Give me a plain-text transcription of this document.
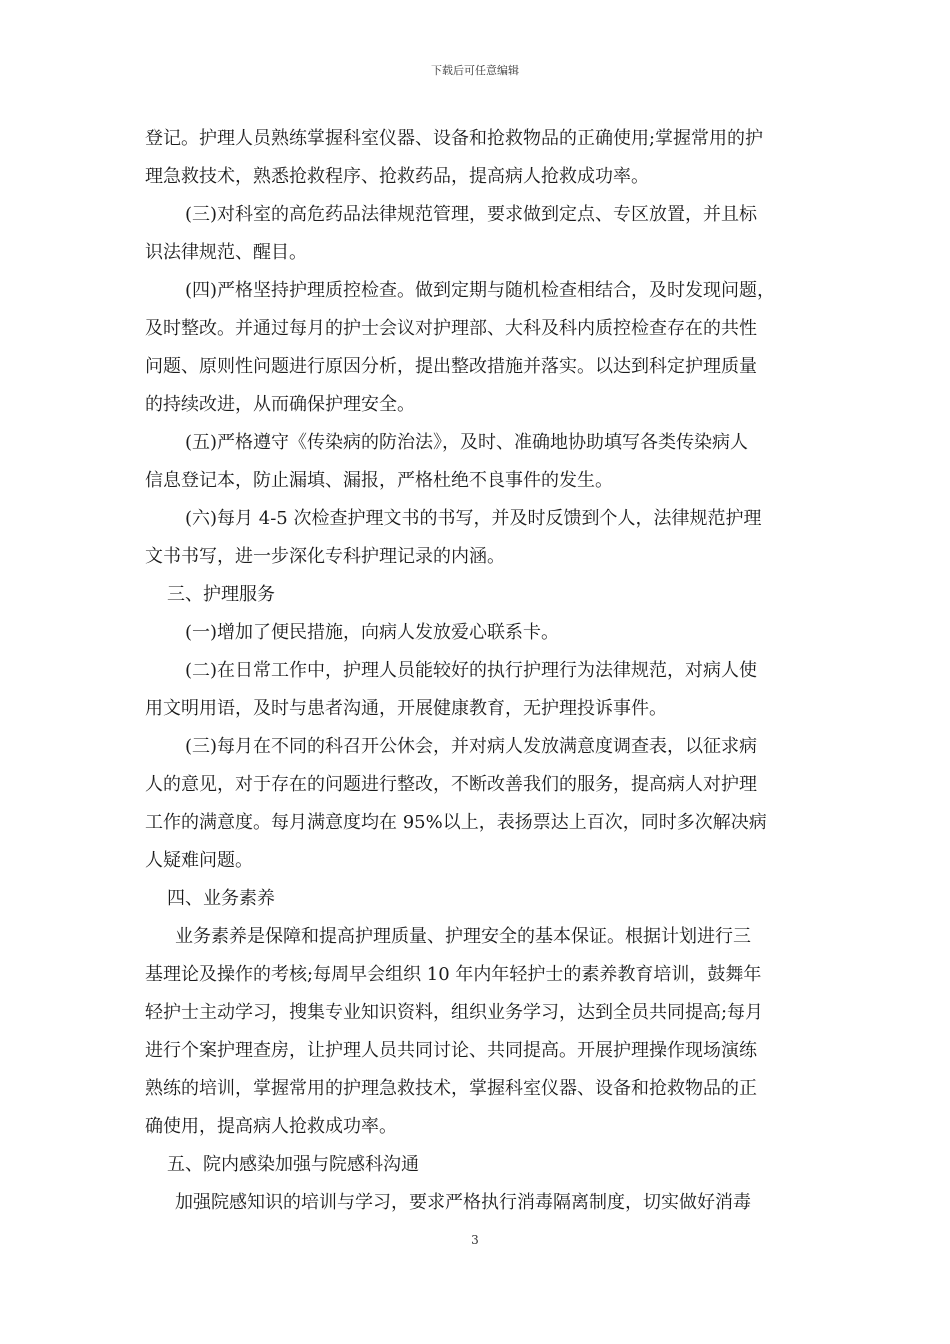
下载后可任意编辑
登记。护理人员熟练掌握科室仪器、设备和抢救物品的正确使用;掌握常用的护
理急救技术，熟悉抢救程序、抢救药品，提高病人抢救成功率。
(三)对科室的高危药品法律规范管理，要求做到定点、专区放置，并且标
识法律规范、醒目。
(四)严格坚持护理质控检查。做到定期与随机检查相结合，及时发现问题，
及时整改。并通过每月的护士会议对护理部、大科及科内质控检查存在的共性
问题、原则性问题进行原因分析，提出整改措施并落实。以达到科定护理质量
的持续改进，从而确保护理安全。
(五)严格遵守《传染病的防治法》，及时、准确地协助填写各类传染病人
信息登记本，防止漏填、漏报，严格杜绝不良事件的发生。
(六)每月 4-5 次检查护理文书的书写，并及时反馈到个人，法律规范护理
文书书写，进一步深化专科护理记录的内涵。
三、护理服务
(一)增加了便民措施，向病人发放爱心联系卡。
(二)在日常工作中，护理人员能较好的执行护理行为法律规范，对病人使
用文明用语，及时与患者沟通，开展健康教育，无护理投诉事件。
(三)每月在不同的科召开公休会，并对病人发放满意度调查表，以征求病
人的意见，对于存在的问题进行整改，不断改善我们的服务，提高病人对护理
工作的满意度。每月满意度均在 95%以上，表扬票达上百次，同时多次解决病
人疑难问题。
四、业务素养
业务素养是保障和提高护理质量、护理安全的基本保证。根据计划进行三
基理论及操作的考核;每周早会组织 10 年内年轻护士的素养教育培训，鼓舞年
轻护士主动学习，搜集专业知识资料，组织业务学习，达到全员共同提高;每月
进行个案护理查房，让护理人员共同讨论、共同提高。开展护理操作现场演练
熟练的培训，掌握常用的护理急救技术，掌握科室仪器、设备和抢救物品的正
确使用，提高病人抢救成功率。
五、院内感染加强与院感科沟通
加强院感知识的培训与学习，要求严格执行消毒隔离制度，切实做好消毒
3
